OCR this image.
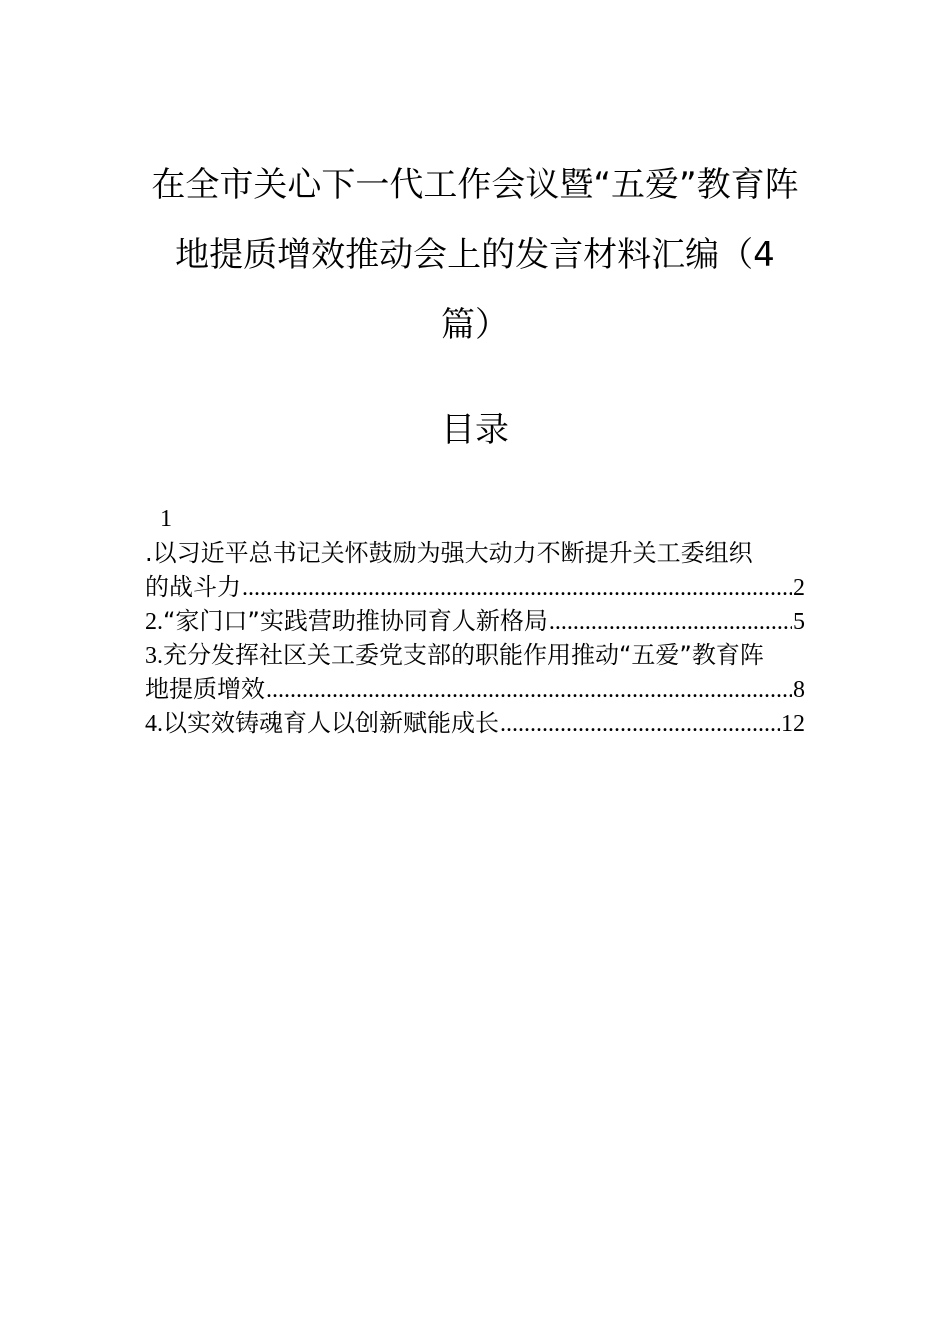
在全市关心下一代工作会议暨“五爱”教育阵
地提质增效推动会上的发言材料汇编（4
篇）
目录
1
.以习近平总书记关怀鼓励为强大动力不断提升关工委组织
的战斗力 .....	2
2. “家门口”实践营助推协同育人新格局 .....	5
3. 充分发挥社区关工委党支部的职能作用推动“五爱”教育阵
地提质增效 .....	8
4. 以实效铸魂育人以创新赋能成长 .....	12
